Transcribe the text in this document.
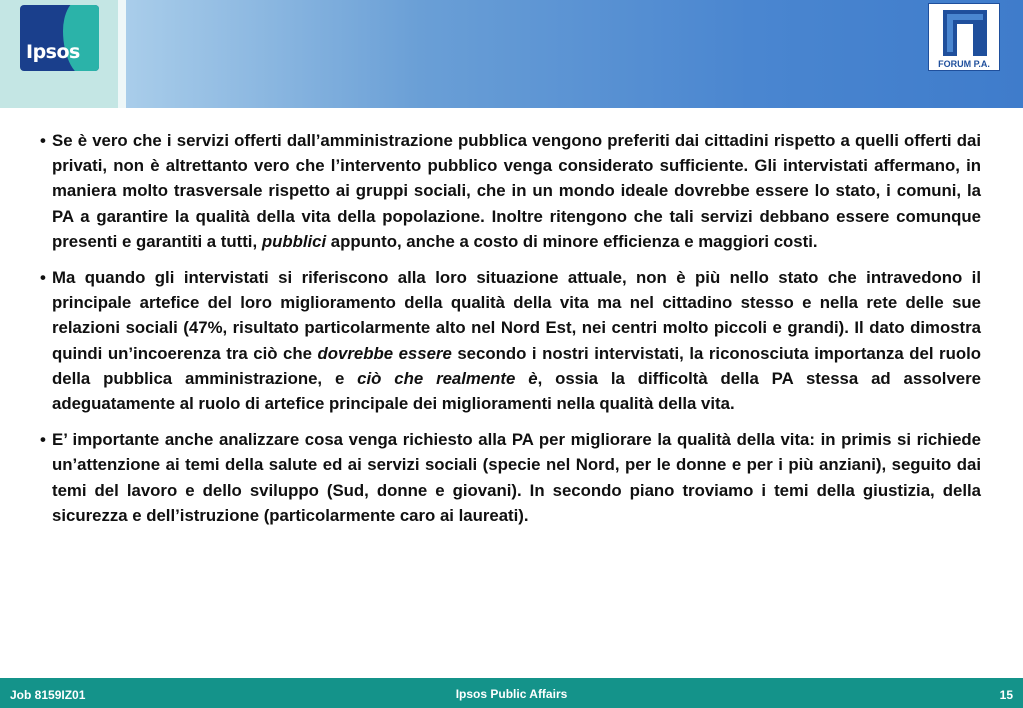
Ipsos
FORUM P.A.

• Se è vero che i servizi offerti dall’amministrazione pubblica vengono preferiti dai cittadini rispetto a quelli offerti dai privati, non è altrettanto vero che l’intervento pubblico venga considerato sufficiente. Gli intervistati affermano, in maniera molto trasversale rispetto ai gruppi sociali, che in un mondo ideale dovrebbe essere lo stato, i comuni, la PA a garantire la qualità della vita della popolazione. Inoltre ritengono che tali servizi debbano essere comunque presenti e garantiti a tutti, pubblici appunto, anche a costo di minore efficienza e maggiori costi.

• Ma quando gli intervistati si riferiscono alla loro situazione attuale, non è più nello stato che intravedono il principale artefice del loro miglioramento della qualità della vita ma nel cittadino stesso e nella rete delle sue relazioni sociali (47%, risultato particolarmente alto nel Nord Est, nei centri molto piccoli e grandi). Il dato dimostra quindi un’incoerenza tra ciò che dovrebbe essere secondo i nostri intervistati, la riconosciuta importanza del ruolo della pubblica amministrazione, e ciò che realmente è, ossia la difficoltà della PA stessa ad assolvere adeguatamente al ruolo di artefice principale dei miglioramenti nella qualità della vita.

• E’ importante anche analizzare cosa venga richiesto alla PA per migliorare la qualità della vita: in primis si richiede un’attenzione ai temi della salute ed ai servizi sociali (specie nel Nord, per le donne e per i più anziani), seguito dai temi del lavoro e dello sviluppo (Sud, donne e giovani). In secondo piano troviamo i temi della giustizia, della sicurezza e dell’istruzione (particolarmente caro ai laureati).

Job 8159IZ01	Ipsos Public Affairs	15
